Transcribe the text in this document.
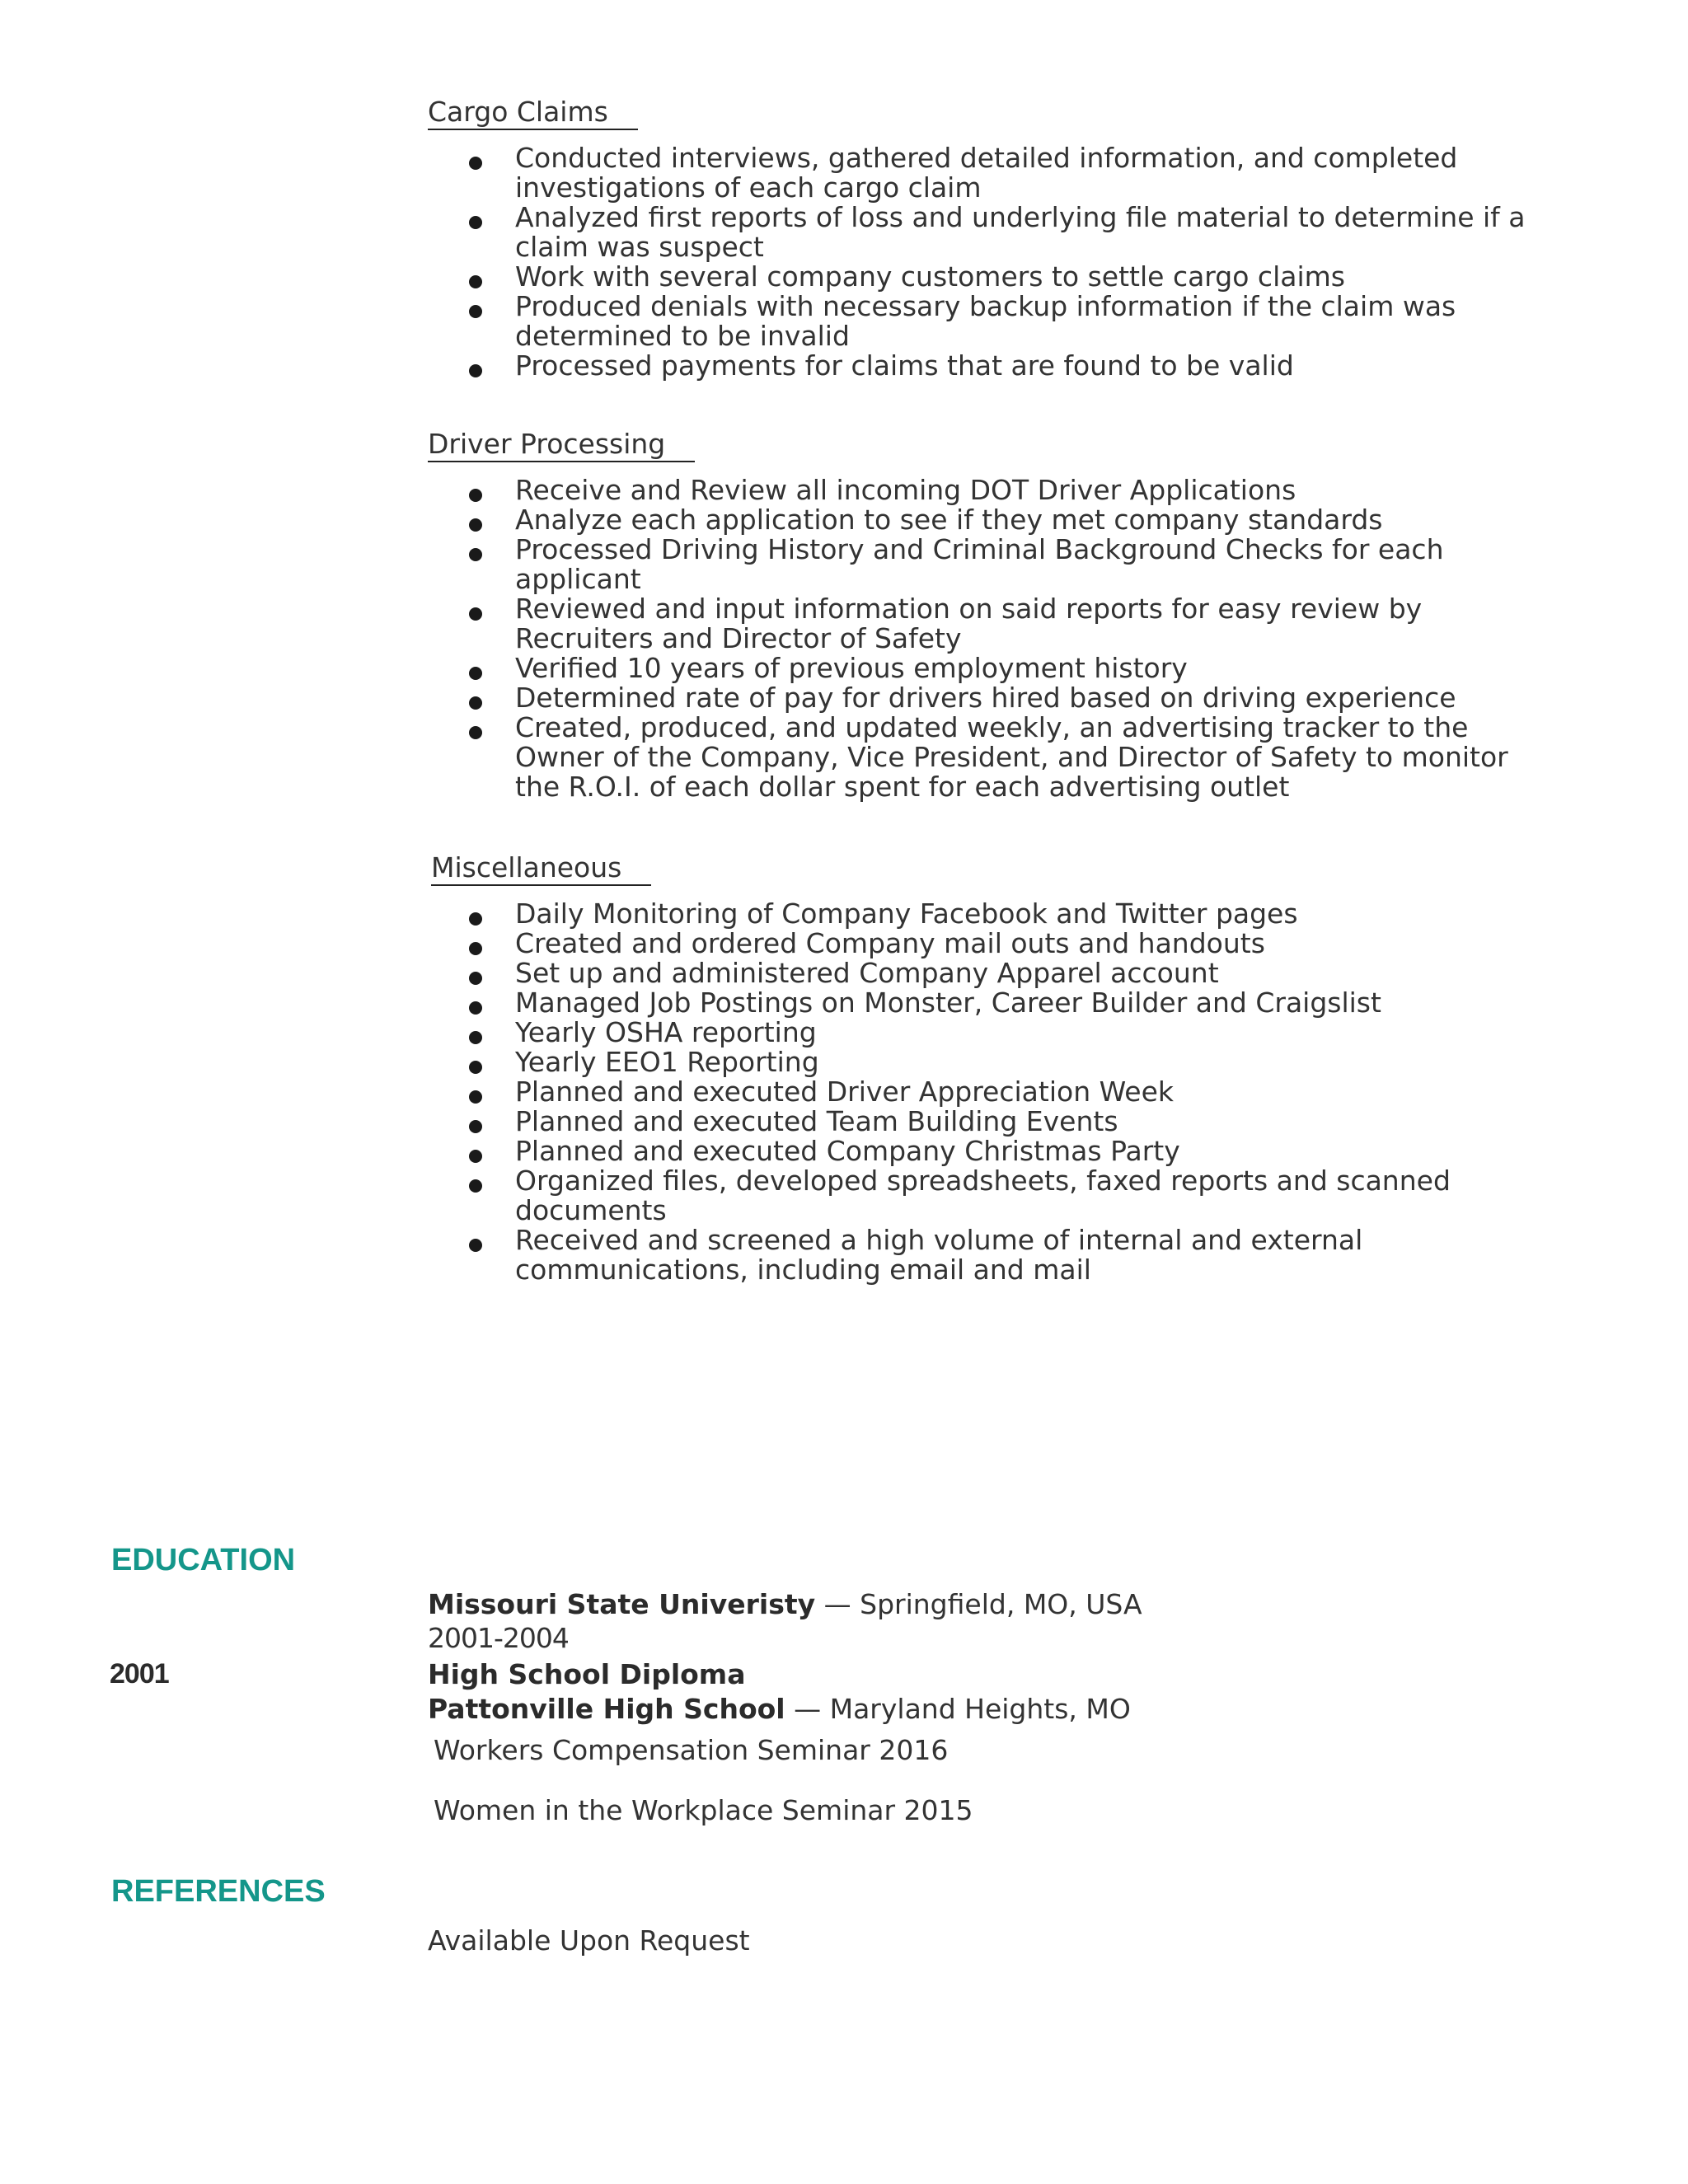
Cargo Claims
Conducted interviews, gathered detailed information, and completed
investigations of each cargo claim
Analyzed first reports of loss and underlying file material to determine if a
claim was suspect
Work with several company customers to settle cargo claims
Produced denials with necessary backup information if the claim was
determined to be invalid
Processed payments for claims that are found to be valid
Driver Processing
Receive and Review all incoming DOT Driver Applications
Analyze each application to see if they met company standards
Processed Driving History and Criminal Background Checks for each
applicant
Reviewed and input information on said reports for easy review by
Recruiters and Director of Safety
Verified 10 years of previous employment history
Determined rate of pay for drivers hired based on driving experience
Created, produced, and updated weekly, an advertising tracker to the
Owner of the Company, Vice President, and Director of Safety to monitor
the R.O.I. of each dollar spent for each advertising outlet
Miscellaneous
Daily Monitoring of Company Facebook and Twitter pages
Created and ordered Company mail outs and handouts
Set up and administered Company Apparel account
Managed Job Postings on Monster, Career Builder and Craigslist
Yearly OSHA reporting
Yearly EEO1 Reporting
Planned and executed Driver Appreciation Week
Planned and executed Team Building Events
Planned and executed Company Christmas Party
Organized files, developed spreadsheets, faxed reports and scanned
documents
Received and screened a high volume of internal and external
communications, including email and mail
EDUCATION
Missouri State Univeristy — Springfield, MO, USA
2001-2004
2001	High School Diploma
Pattonville High School — Maryland Heights, MO
Workers Compensation Seminar 2016
Women in the Workplace Seminar 2015
REFERENCES
Available Upon Request
